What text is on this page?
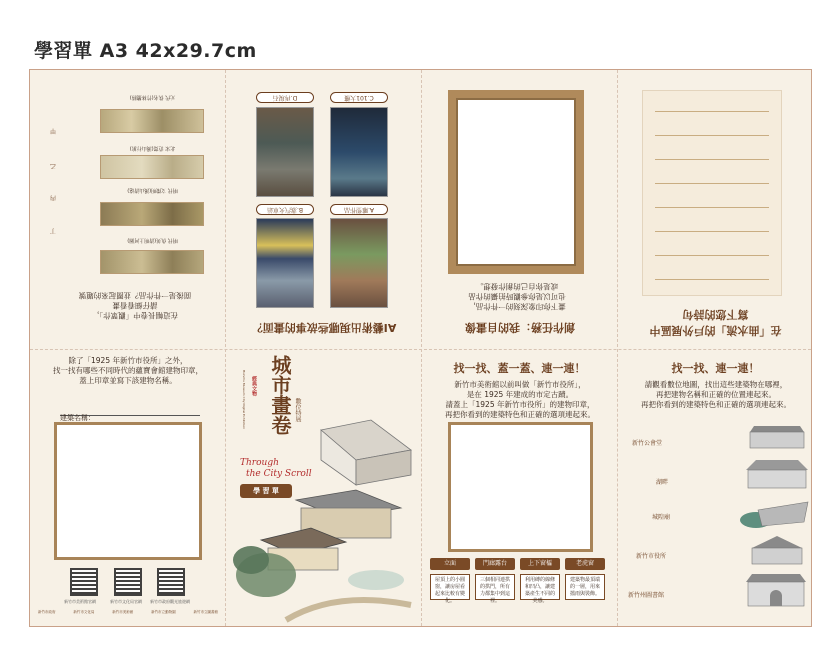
學習單 A3 42x29.7cm
在這幅長卷中「觀眾作」，
請仔細看看畫
面後是一件作品？並圈起來的題號
元代 佚名(竹林攬勝)
甲
北宋 范寬(溪山行旅)
乙
明代 文徵明(溪山清遠)
丙
明代 仇英(清明上河圖)
丁
AI藝術出現哪些故事的畫面？
D.再現石	C.101大樓
B.蒸汽火車站	A.雕塑作品
畫下你印象深刻的一件作品，
也可以是你參觀時拍攝的作品
或是你自己的創作發想。
創作任務：我的自畫像	在「曲水流」的戶外展區中
寫下您的詩句
除了「1925 年新竹市役所」之外，
找一找有哪些不同時代的蘊寶會館建物印章，
蓋上印章並寫下該建物名稱。
建築名稱：
新竹市美術館官網	新竹市文化局官網 新竹市政府觀光旅遊網
新竹市政府	新竹市文化局	新竹市美術館	新竹市立動物園	新竹市立圖書館
城市畫卷
經典文物
數位特展
Hsinchu Museum City Digital Exhibition
Through
the City Scroll
學 習 單
找一找、蓋一蓋、連一連！
新竹市美術館以前叫做「新竹市役所」，
是在 1925 年建成的市定古蹟。
請蓋上「1925 年新竹市役所」的建物印章，
再把你看到的建築特色和正確的選項連起來。
立面	門廊露台	上下窗櫺	老虎窗
屋頂上的小圓窗，讓房屋看起來比較有變化。
三個相同連拱的拱門，所有力都集中到這裡。
利用磚的線條和凹凸，讓建築產生不同的美感。
建築物最頂端的一層，用來擋雨與裝飾。
找一找、連一連！
請觀看數位地圖，找出這些建築物在哪裡，
再把建物名稱和正確的位置連起來。
再把你看到的建築特色和正確的選項連起來。
新竹公會堂
湖畔
城隍廟
新竹市役所
新竹州圖書館
